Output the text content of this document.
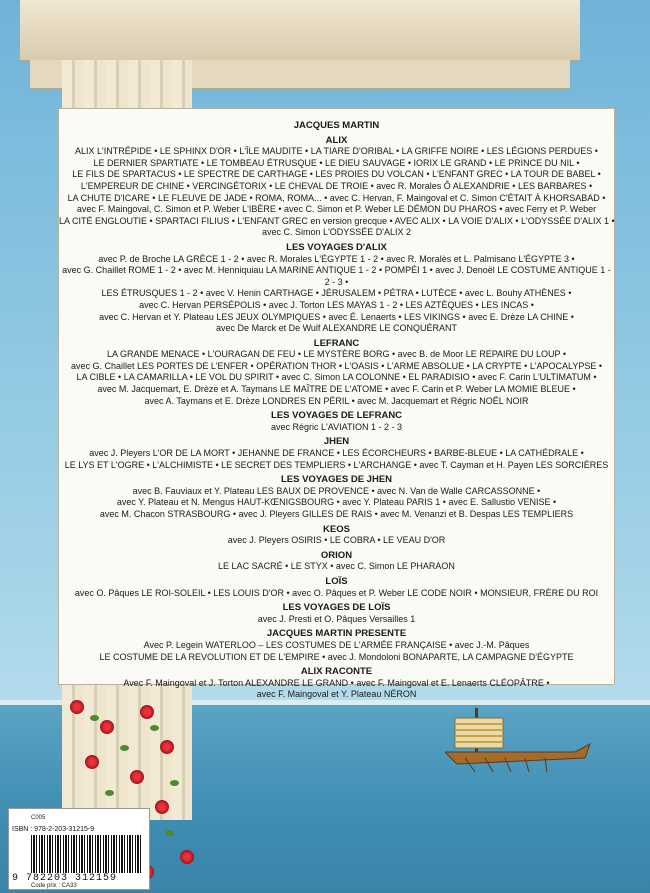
JACQUES MARTIN
ALIX
ALIX L'INTRÉPIDE • LE SPHINX D'OR • L'ÎLE MAUDITE • LA TIARE D'ORIBAL • LA GRIFFE NOIRE • LES LÉGIONS PERDUES •
LE DERNIER SPARTIATE • LE TOMBEAU ÉTRUSQUE • LE DIEU SAUVAGE • IORIX LE GRAND • LE PRINCE DU NIL •
LE FILS DE SPARTACUS • LE SPECTRE DE CARTHAGE • LES PROIES DU VOLCAN • L'ENFANT GREC • LA TOUR DE BABEL •
L'EMPEREUR DE CHINE • VERCINGÉTORIX • LE CHEVAL DE TROIE • avec R. Morales Ô ALEXANDRIE • LES BARBARES •
LA CHUTE D'ICARE • LE FLEUVE DE JADE • ROMA, ROMA... • avec C. Hervan, F. Maingoval et C. Simon C'ÉTAIT À KHORSABAD •
avec F. Maingoval, C. Simon et P. Weber L'IBÈRE • avec C. Simon et P. Weber LE DÉMON DU PHAROS • avec Ferry et P. Weber
LA CITÉ ENGLOUTIE • SPARTACI FILIUS • L'ENFANT GREC en version grecque • AVEC ALIX • LA VOIE D'ALIX • L'ODYSSÉE D'ALIX 1 •
avec C. Simon L'ODYSSÉE D'ALIX 2
LES VOYAGES D'ALIX
avec P. de Broche LA GRÈCE 1 - 2 • avec R. Morales L'ÉGYPTE 1 - 2 • avec R. Moralès et L. Palmisano L'ÉGYPTE 3 •
avec G. Chaillet ROME 1 - 2 • avec M. Henniquiau LA MARINE ANTIQUE 1 - 2 • POMPÉI 1 • avec J. Denoël LE COSTUME ANTIQUE 1 -
2 - 3 •
LES ÉTRUSQUES 1 - 2 • avec V. Henin CARTHAGE • JÉRUSALEM • PÉTRA • LUTÈCE • avec L. Bouhy ATHÈNES •
avec C. Hervan PERSÉPOLIS • avec J. Torton LES MAYAS 1 - 2 • LES AZTÈQUES • LES INCAS •
avec C. Hervan et Y. Plateau LES JEUX OLYMPIQUES • avec É. Lenaerts • LES VIKINGS • avec E. Drèze LA CHINE •
avec De Marck et De Wulf ALEXANDRE LE CONQUÉRANT
LEFRANC
LA GRANDE MENACE • L'OURAGAN DE FEU • LE MYSTÈRE BORG • avec B. de Moor LE REPAIRE DU LOUP •
avec G. Chaillet LES PORTES DE L'ENFER • OPÉRATION THOR • L'OASIS • L'ARME ABSOLUE • LA CRYPTE • L'APOCALYPSE •
LA CIBLE • LA CAMARILLA • LE VOL DU SPIRIT • avec C. Simon LA COLONNE • EL PARADISIO • avec F. Carin L'ULTIMATUM •
avec M. Jacquemart, E. Drèze et A. Taymans LE MAÎTRE DE L'ATOME • avec F. Carin et P. Weber LA MOMIE BLEUE •
avec A. Taymans et E. Drèze LONDRES EN PÉRIL • avec M. Jacquemart et Régric NOËL NOIR
LES VOYAGES DE LEFRANC
avec Régric L'AVIATION 1 - 2 - 3
JHEN
avec J. Pleyers L'OR DE LA MORT • JEHANNE DE FRANCE • LES ÉCORCHEURS • BARBE-BLEUE • LA CATHÉDRALE •
LE LYS ET L'OGRE • L'ALCHIMISTE • LE SECRET DES TEMPLIERS • L'ARCHANGE • avec T. Cayman et H. Payen LES SORCIÈRES
LES VOYAGES DE JHEN
avec B. Fauviaux et Y. Plateau LES BAUX DE PROVENCE • avec N. Van de Walle CARCASSONNE •
avec Y. Plateau et N. Mengus HAUT-KŒNIGSBOURG • avec Y. Plateau PARIS 1 • avec E. Sallustio VENISE •
avec M. Chacon STRASBOURG • avec J. Pleyers GILLES DE RAIS • avec M. Venanzi et B. Despas LES TEMPLIERS
KEOS
avec J. Pleyers OSIRIS • LE COBRA • LE VEAU D'OR
ORION
LE LAC SACRÉ • LE STYX • avec C. Simon LE PHARAON
LOÏS
avec O. Pâques LE ROI-SOLEIL • LES LOUIS D'OR • avec O. Pâques et P. Weber LE CODE NOIR • MONSIEUR, FRÈRE DU ROI
LES VOYAGES DE LOÏS
avec J. Presti et O. Pâques Versailles 1
JACQUES MARTIN PRESENTE
Avec P. Legein WATERLOO – LES COSTUMES DE L'ARMÉE FRANÇAISE • avec J.-M. Pâques
LE COSTUME DE LA REVOLUTION ET DE L'EMPIRE • avec J. Mondoloni BONAPARTE, LA CAMPAGNE D'ÉGYPTE
ALIX RACONTE
Avec F. Maingoval et J. Torton ALEXANDRE LE GRAND • avec F. Maingoval et E. Lenaerts CLÉOPÂTRE •
avec F. Maingoval et Y. Plateau NÉRON
C005
ISBN : 978-2-203-31215-9
9 782203 312159
Code prix : CA33
